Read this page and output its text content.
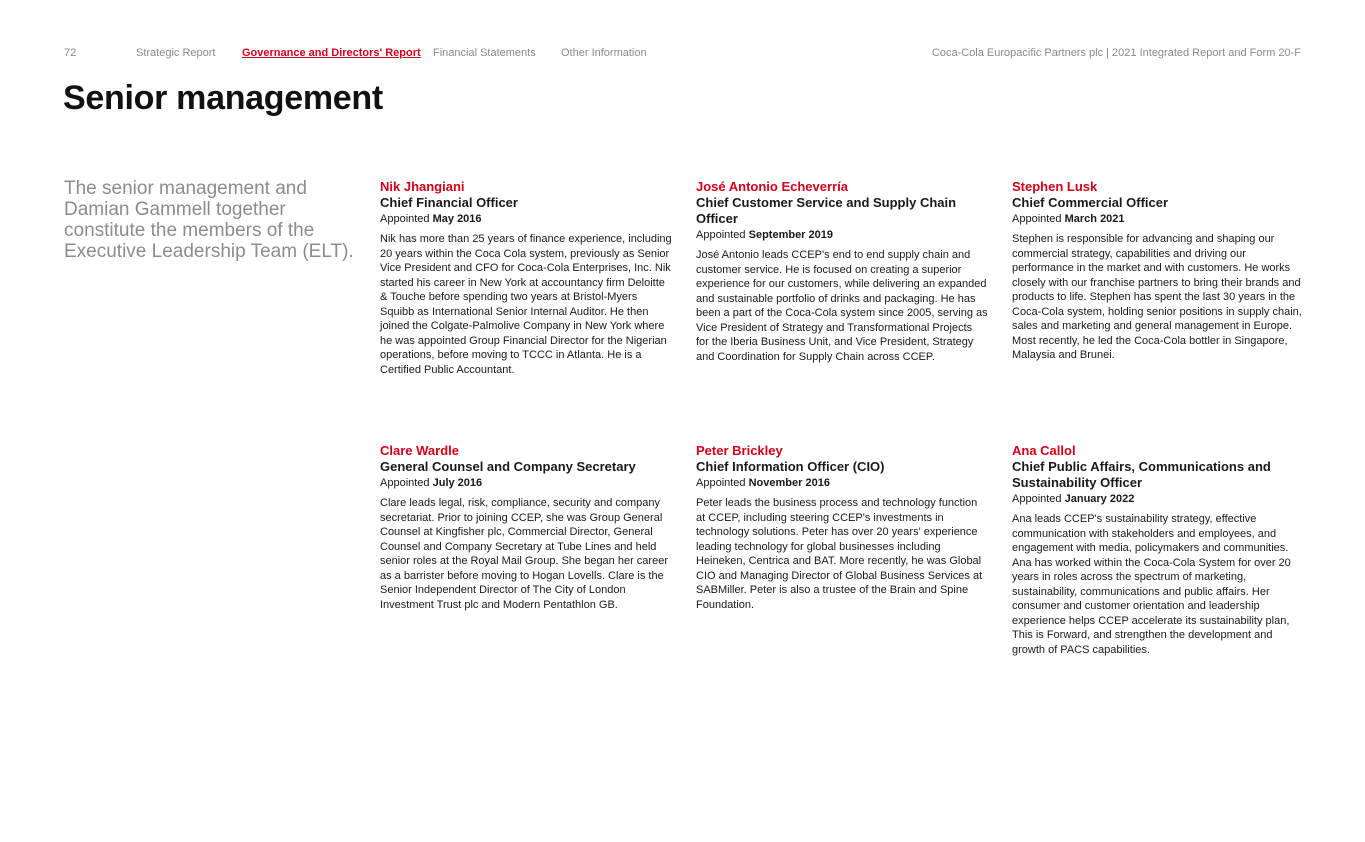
72	Strategic Report Governance and Directors' Report Financial Statements Other Information	Coca-Cola Europacific Partners plc | 2021 Integrated Report and Form 20-F
Senior management

The senior management and Damian Gammell together constitute the members of the Executive Leadership Team (ELT).

Nik Jhangiani
Chief Financial Officer
Appointed May 2016

Nik has more than 25 years of finance experience, including 20 years within the Coca Cola system, previously as Senior Vice President and CFO for Coca-Cola Enterprises, Inc. Nik started his career in New York at accountancy firm Deloitte & Touche before spending two years at Bristol-Myers Squibb as International Senior Internal Auditor. He then joined the Colgate-Palmolive Company in New York where he was appointed Group Financial Director for the Nigerian operations, before moving to TCCC in Atlanta. He is a Certified Public Accountant.

José Antonio Echeverría
Chief Customer Service and Supply Chain Officer
Appointed September 2019

José Antonio leads CCEP's end to end supply chain and customer service. He is focused on creating a superior experience for our customers, while delivering an expanded and sustainable portfolio of drinks and packaging. He has been a part of the Coca-Cola system since 2005, serving as Vice President of Strategy and Transformational Projects for the Iberia Business Unit, and Vice President, Strategy and Coordination for Supply Chain across CCEP.

Stephen Lusk
Chief Commercial Officer
Appointed March 2021

Stephen is responsible for advancing and shaping our commercial strategy, capabilities and driving our performance in the market and with customers. He works closely with our franchise partners to bring their brands and products to life. Stephen has spent the last 30 years in the Coca-Cola system, holding senior positions in supply chain, sales and marketing and general management in Europe. Most recently, he led the Coca-Cola bottler in Singapore, Malaysia and Brunei.

Clare Wardle
General Counsel and Company Secretary
Appointed July 2016

Clare leads legal, risk, compliance, security and company secretariat. Prior to joining CCEP, she was Group General Counsel at Kingfisher plc, Commercial Director, General Counsel and Company Secretary at Tube Lines and held senior roles at the Royal Mail Group. She began her career as a barrister before moving to Hogan Lovells. Clare is the Senior Independent Director of The City of London Investment Trust plc and Modern Pentathlon GB.

Peter Brickley
Chief Information Officer (CIO)
Appointed November 2016

Peter leads the business process and technology function at CCEP, including steering CCEP's investments in technology solutions. Peter has over 20 years' experience leading technology for global businesses including Heineken, Centrica and BAT. More recently, he was Global CIO and Managing Director of Global Business Services at SABMiller. Peter is also a trustee of the Brain and Spine Foundation.

Ana Callol
Chief Public Affairs, Communications and Sustainability Officer
Appointed January 2022

Ana leads CCEP's sustainability strategy, effective communication with stakeholders and employees, and engagement with media, policymakers and communities. Ana has worked within the Coca-Cola System for over 20 years in roles across the spectrum of marketing, sustainability, communications and public affairs. Her consumer and customer orientation and leadership experience helps CCEP accelerate its sustainability plan, This is Forward, and strengthen the development and growth of PACS capabilities.
